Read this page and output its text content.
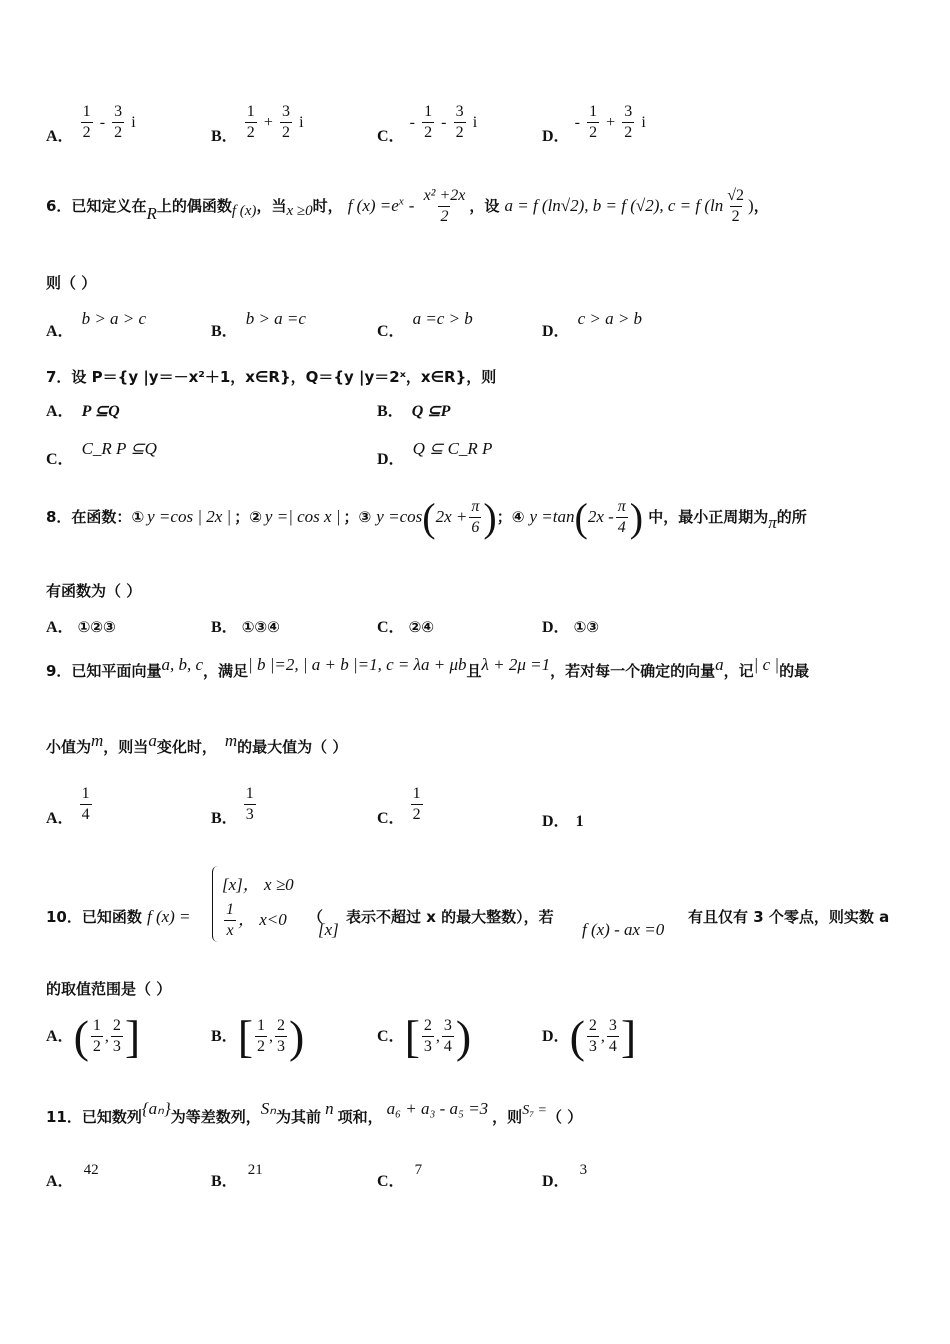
A． $\frac{1}{2} - \frac{3}{2}$ i
B． $\frac{1}{2} + \frac{3}{2}$ i
C． - $\frac{1}{2} - \frac{3}{2}$ i
D． - $\frac{1}{2} + \frac{3}{2}$ i
6．已知定义在R上的偶函数f (x)，当x ≥0时， f $(x) =e^x - \frac{\text{x² +2x}}{2}$ ，设 a = f (ln√2), b = f (√2), c = f ($\ln \frac{√2}{2}$ )，
则（ ）
A．b > a > c
B．b > a =c
C．a =c > b
D．c > a > b
7．设 P＝{y |y＝－x²＋1，x∈R}，Q＝{y |y＝2ˣ，x∈R}，则
A． P ⊆Q	B． Q ⊆P
C．C_R P ⊆Q
D．Q ⊆ C_R P
8．在函数：① y =cos | 2x | ；② y =| cos x | ；③ $y =\cos(2x + \frac{\pi}{6}$ )；④ $y =\tan(2x - \frac{\pi}{4}$ ) 中，最小正周期为π的所
有函数为（ ）
A． ①②③	B． ①③④	C． ②④	D． ①③
9．已知平面向量a, b, c，满足| b |=2, | a + b |=1, c = λa + μb且λ + 2μ =1，若对每一个确定的向量a，记| c |的最
小值为m，则当a变化时， m的最大值为（ ）
A． $\frac{1}{4}$	B． $\frac{1}{3}$	C． $\frac{1}{2}$	D． 1
10．已知函数 f (x) =
[x]， x ≥0
$\frac{1}{x}$ ， x<0 （
[x]
表示不超过 x 的最大整数），若
f (x) - ax =0
有且仅有 3 个零点，则实数 a
的取值范围是（ ）
A．( $\frac{1}{2}$ , $\frac{2}{3}$ ]	B．[ $\frac{1}{2}$ , $\frac{2}{3}$ )	C．[ $\frac{2}{3}$ , $\frac{3}{4}$ )	D．( $\frac{2}{3}$ , $\frac{3}{4}$ ]
11．已知数列{aₙ}为等差数列，Sₙ为其前 n 项和， a₆ + a₃ - a₅ =3 ，则S₇ =（ ）
A．42
B．21
C．7
D．3
